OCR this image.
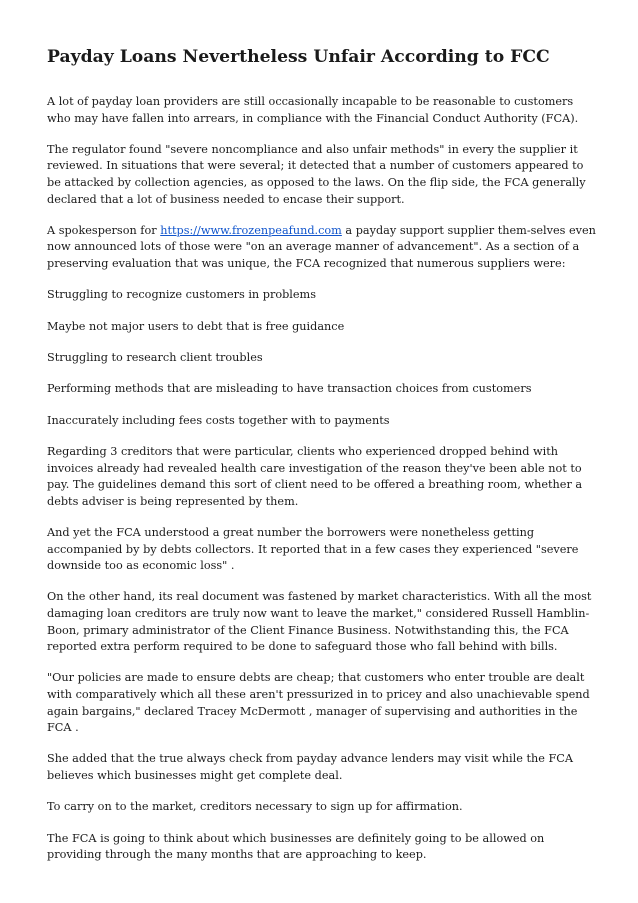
Payday Loans Nevertheless Unfair According to FCC

A lot of payday loan providers are still occasionally incapable to be reasonable to customers who may have fallen into arrears, in compliance with the Financial Conduct Authority (FCA).

The regulator found "severe noncompliance and also unfair methods" in every the supplier it reviewed. In situations that were several; it detected that a number of customers appeared to be attacked by collection agencies, as opposed to the laws. On the flip side, the FCA generally declared that a lot of business needed to encase their support.

A spokesperson for https://www.frozenpeafund.com a payday support supplier them-selves even now announced lots of those were "on an average manner of advancement". As a section of a preserving evaluation that was unique, the FCA recognized that numerous suppliers were:

Struggling to recognize customers in problems

Maybe not major users to debt that is free guidance

Struggling to research client troubles

Performing methods that are misleading to have transaction choices from customers

Inaccurately including fees costs together with to payments

Regarding 3 creditors that were particular, clients who experienced dropped behind with invoices already had revealed health care investigation of the reason they've been able not to pay. The guidelines demand this sort of client need to be offered a breathing room, whether a debts adviser is being represented by them.

And yet the FCA understood a great number the borrowers were nonetheless getting accompanied by by debts collectors. It reported that in a few cases they experienced "severe downside too as economic loss" .

On the other hand, its real document was fastened by market characteristics. With all the most damaging loan creditors are truly now want to leave the market," considered Russell Hamblin-Boon, primary administrator of the Client Finance Business. Notwithstanding this, the FCA reported extra perform required to be done to safeguard those who fall behind with bills.

"Our policies are made to ensure debts are cheap; that customers who enter trouble are dealt with comparatively which all these aren't pressurized in to pricey and also unachievable spend again bargains," declared Tracey McDermott , manager of supervising and authorities in the FCA .

She added that the true always check from payday advance lenders may visit while the FCA believes which businesses might get complete deal.

To carry on to the market, creditors necessary to sign up for affirmation.

The FCA is going to think about which businesses are definitely going to be allowed on providing through the many months that are approaching to keep.
